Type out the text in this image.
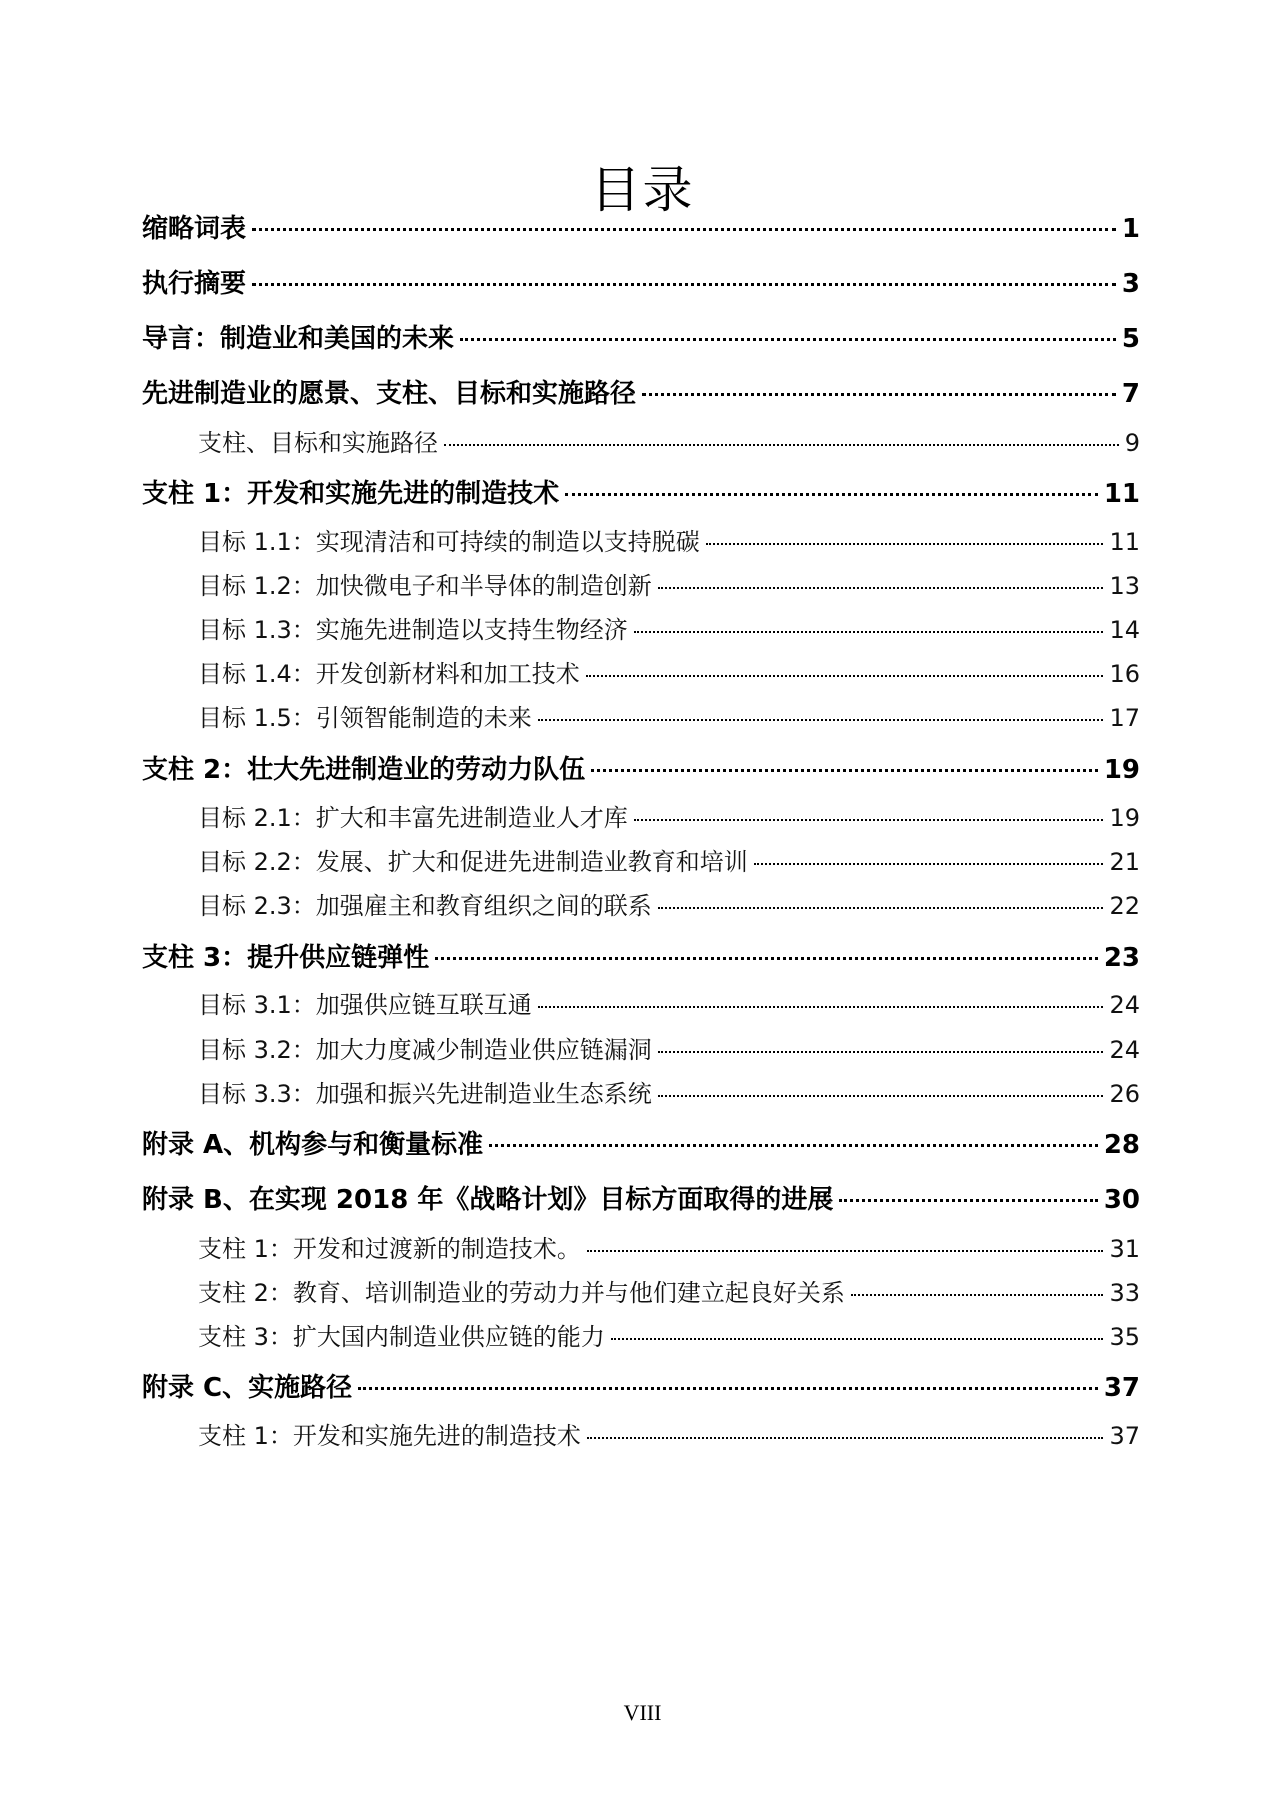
目录
缩略词表	1
执行摘要	3
导言：制造业和美国的未来	5
先进制造业的愿景、支柱、目标和实施路径	7
支柱、目标和实施路径	9
支柱 1：开发和实施先进的制造技术	11
目标 1.1：实现清洁和可持续的制造以支持脱碳	11
目标 1.2：加快微电子和半导体的制造创新	13
目标 1.3：实施先进制造以支持生物经济	14
目标 1.4：开发创新材料和加工技术	16
目标 1.5：引领智能制造的未来	17
支柱 2：壮大先进制造业的劳动力队伍	19
目标 2.1：扩大和丰富先进制造业人才库	19
目标 2.2：发展、扩大和促进先进制造业教育和培训	21
目标 2.3：加强雇主和教育组织之间的联系	22
支柱 3：提升供应链弹性	23
目标 3.1：加强供应链互联互通	24
目标 3.2：加大力度减少制造业供应链漏洞	24
目标 3.3：加强和振兴先进制造业生态系统	26
附录 A、机构参与和衡量标准	28
附录 B、在实现 2018 年《战略计划》目标方面取得的进展	30
支柱 1：开发和过渡新的制造技术。	31
支柱 2：教育、培训制造业的劳动力并与他们建立起良好关系	33
支柱 3：扩大国内制造业供应链的能力	35
附录 C、实施路径	37
支柱 1：开发和实施先进的制造技术	37
VIII
